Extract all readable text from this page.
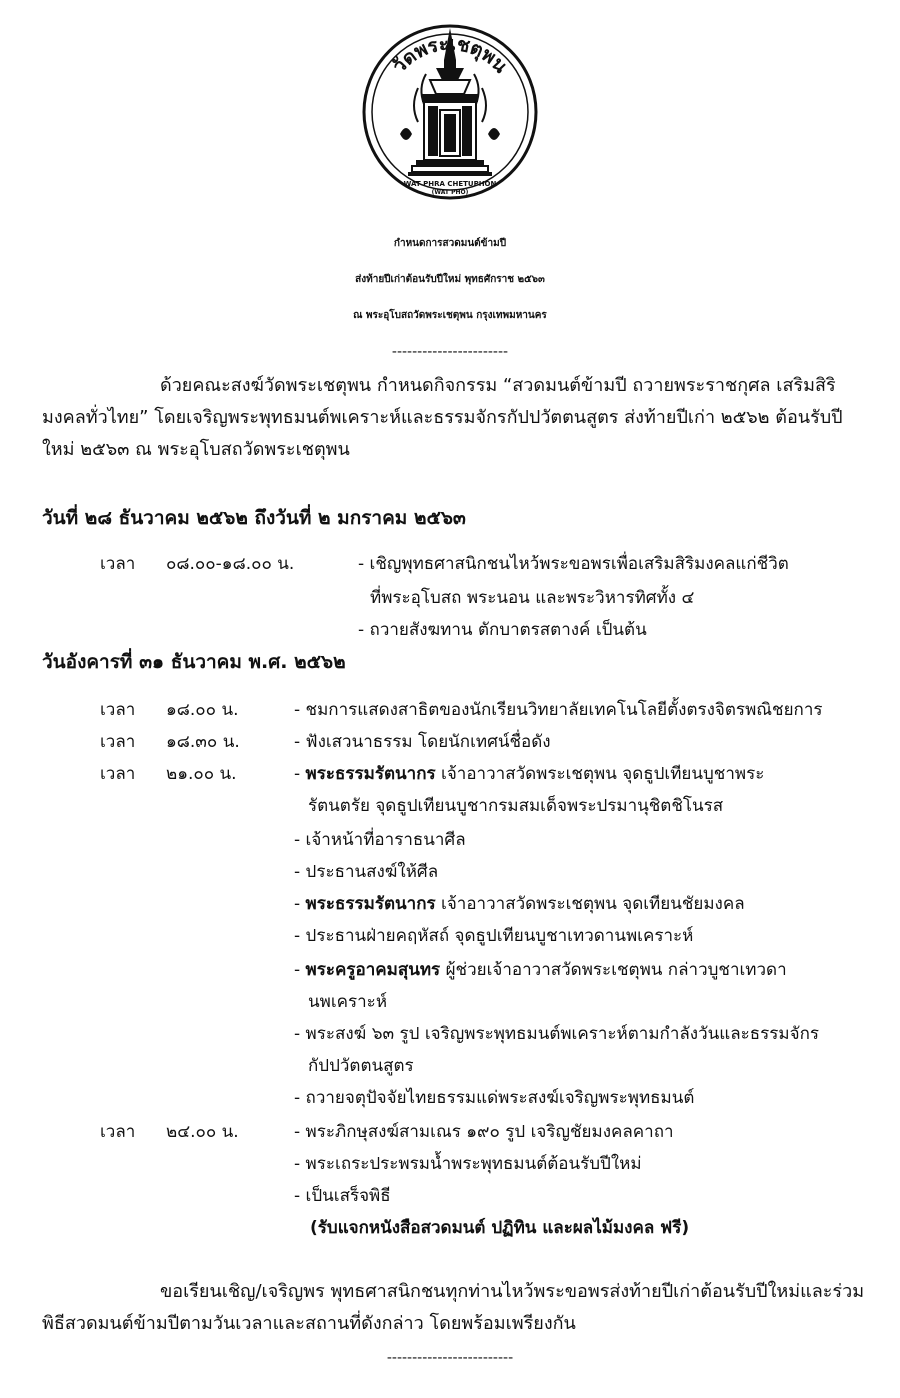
วัดพระเชตุพน
WAT PHRA CHETUPHON
(WAT PHO)
กำหนดการสวดมนต์ข้ามปี
ส่งท้ายปีเก่าต้อนรับปีใหม่ พุทธศักราช ๒๕๖๓
ณ พระอุโบสถวัดพระเชตุพน กรุงเทพมหานคร
-----------------------
ด้วยคณะสงฆ์วัดพระเชตุพน กำหนดกิจกรรม “สวดมนต์ข้ามปี ถวายพระราชกุศล เสริมสิริ
มงคลทั่วไทย” โดยเจริญพระพุทธมนต์พเคราะห์และธรรมจักรกัปปวัตตนสูตร ส่งท้ายปีเก่า ๒๕๖๒ ต้อนรับปี
ใหม่ ๒๕๖๓ ณ พระอุโบสถวัดพระเชตุพน
วันที่ ๒๘ ธันวาคม ๒๕๖๒ ถึงวันที่ ๒ มกราคม ๒๕๖๓
เวลา ๐๘.๐๐-๑๘.๐๐ น.	- เชิญพุทธศาสนิกชนไหว้พระขอพรเพื่อเสริมสิริมงคลแก่ชีวิต
ที่พระอุโบสถ พระนอน และพระวิหารทิศทั้ง ๔
- ถวายสังฆทาน ตักบาตรสตางค์ เป็นต้น
วันอังคารที่ ๓๑ ธันวาคม พ.ศ. ๒๕๖๒
เวลา ๑๘.๐๐ น.	- ชมการแสดงสาธิตของนักเรียนวิทยาลัยเทคโนโลยีตั้งตรงจิตรพณิชยการ
เวลา ๑๘.๓๐ น.	- ฟังเสวนาธรรม โดยนักเทศน์ชื่อดัง
เวลา ๒๑.๐๐ น.	- พระธรรมรัตนากร เจ้าอาวาสวัดพระเชตุพน จุดธูปเทียนบูชาพระ
รัตนตรัย จุดธูปเทียนบูชากรมสมเด็จพระปรมานุชิตชิโนรส
- เจ้าหน้าที่อาราธนาศีล
- ประธานสงฆ์ให้ศีล
- พระธรรมรัตนากร เจ้าอาวาสวัดพระเชตุพน จุดเทียนชัยมงคล
- ประธานฝ่ายคฤหัสถ์ จุดธูปเทียนบูชาเทวดานพเคราะห์
- พระครูอาคมสุนทร ผู้ช่วยเจ้าอาวาสวัดพระเชตุพน กล่าวบูชาเทวดา
นพเคราะห์
- พระสงฆ์ ๖๓ รูป เจริญพระพุทธมนต์พเคราะห์ตามกำลังวันและธรรมจักร
กัปปวัตตนสูตร
- ถวายจตุปัจจัยไทยธรรมแด่พระสงฆ์เจริญพระพุทธมนต์
เวลา ๒๔.๐๐ น.	- พระภิกษุสงฆ์สามเณร ๑๙๐ รูป เจริญชัยมงคลคาถา
- พระเถระประพรมน้ำพระพุทธมนต์ต้อนรับปีใหม่
- เป็นเสร็จพิธี
(รับแจกหนังสือสวดมนต์ ปฏิทิน และผลไม้มงคล ฟรี)
ขอเรียนเชิญ/เจริญพร พุทธศาสนิกชนทุกท่านไหว้พระขอพรส่งท้ายปีเก่าต้อนรับปีใหม่และร่วม
พิธีสวดมนต์ข้ามปีตามวันเวลาและสถานที่ดังกล่าว โดยพร้อมเพรียงกัน
-------------------------
